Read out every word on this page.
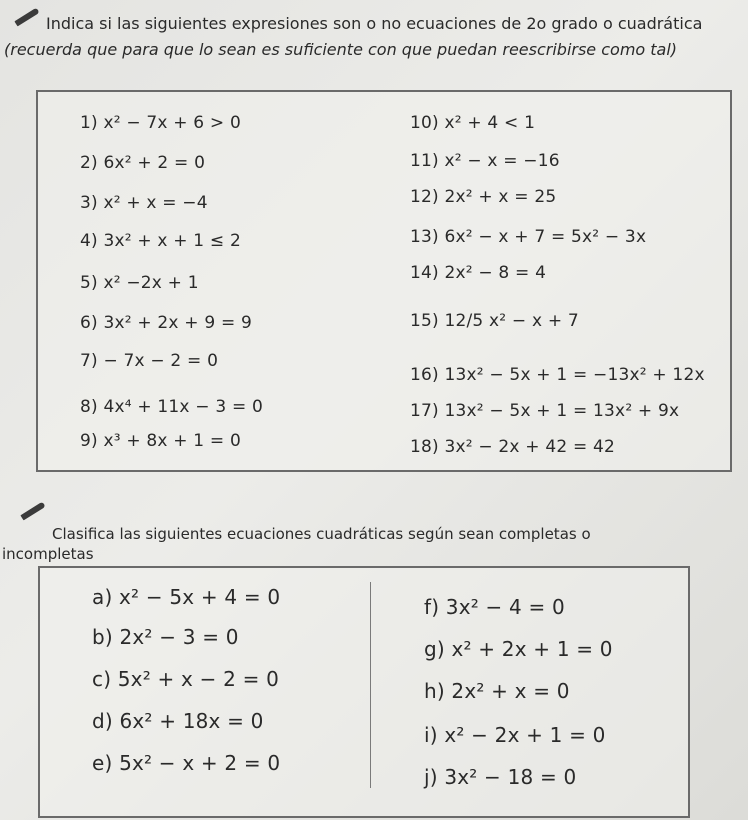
Indica si las siguientes expresiones son o no ecuaciones de 2o grado o cuadrática
(recuerda que para que lo sean es suficiente con que puedan reescribirse como tal)
1) x² − 7x + 6 > 0
2) 6x² + 2 = 0
3) x² + x = −4
4) 3x² + x + 1 ≤ 2
5) x² −2x + 1
6) 3x² + 2x + 9 = 9
7) − 7x − 2 = 0
8) 4x⁴ + 11x − 3 = 0
9) x³ + 8x + 1 = 0
10) x² + 4 < 1
11) x² − x = −16
12) 2x² + x = 25
13) 6x² − x + 7 = 5x² − 3x
14) 2x² − 8 = 4
15) 12/5 x² − x + 7
16) 13x² − 5x + 1 = −13x² + 12x
17) 13x² − 5x + 1 = 13x² + 9x
18) 3x² − 2x + 42 = 42
Clasifica las siguientes ecuaciones cuadráticas según sean completas o
incompletas
a) x² − 5x + 4 = 0
b) 2x² − 3 = 0
c) 5x² + x − 2 = 0
d) 6x² + 18x = 0
e) 5x² − x + 2 = 0
f) 3x² − 4 = 0
g) x² + 2x + 1 = 0
h) 2x² + x = 0
i) x² − 2x + 1 = 0
j) 3x² − 18 = 0
